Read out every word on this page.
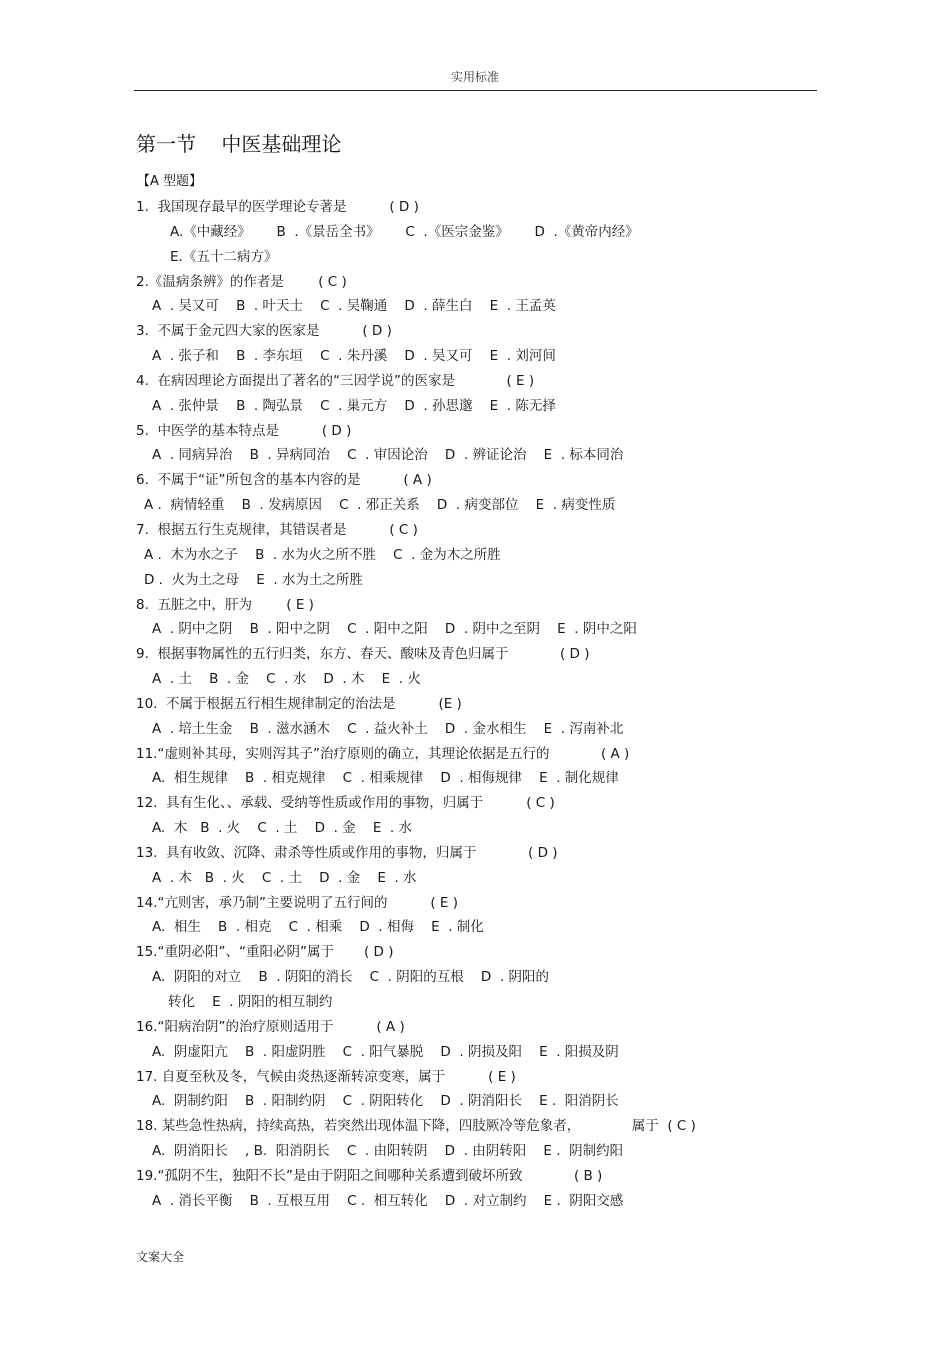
实用标准
第一节    中医基础理论
【A 型题】
1.  我国现存最早的医学理论专著是          ( D )
A.《中藏经》      B  .《景岳全书》      C  .《医宗金鉴》      D  .《黄帝内经》
E.《五十二病方》
2.《温病条辨》的作者是        ( C )
A  . 吴又可    B  . 叶天士    C  . 吴鞠通    D  . 薛生白    E  . 王孟英
3.  不属于金元四大家的医家是          ( D )
A  . 张子和    B  . 李东垣    C  . 朱丹溪    D  . 吴又可    E  . 刘河间
4.  在病因理论方面提出了著名的“三因学说”的医家是            ( E )
A  . 张仲景    B  . 陶弘景    C  . 巢元方    D  . 孙思邈    E  . 陈无择
5.  中医学的基本特点是          ( D )
A  . 同病异治    B  . 异病同治    C  . 审因论治    D  . 辨证论治    E  . 标本同治
6.  不属于“证”所包含的基本内容的是          ( A )
A .  病情轻重    B  . 发病原因    C  . 邪正关系    D  . 病变部位    E  . 病变性质
7.  根据五行生克规律，其错误者是          ( C )
A .  木为水之子    B  . 水为火之所不胜    C  . 金为木之所胜
D .  火为土之母    E  . 水为土之所胜
8.  五脏之中，肝为        ( E )
A  . 阴中之阴    B  . 阳中之阴    C  . 阳中之阳    D  . 阴中之至阴    E  . 阴中之阳
9.  根据事物属性的五行归类，东方、春天、酸味及青色归属于            ( D )
A  . 土    B  . 金    C  . 水    D  . 木    E  . 火
10.  不属于根据五行相生规律制定的治法是          (E )
A  . 培土生金    B  . 滋水涵木    C  . 益火补土    D  . 金水相生    E  . 泻南补北
11.“虚则补其母，实则泻其子”治疗原则的确立，其理论依据是五行的            ( A )
A.  相生规律    B  . 相克规律    C  . 相乘规律    D  . 相侮规律    E  . 制化规律
12.  具有生化、、承载、受纳等性质或作用的事物，归属于          ( C )
A.  木   B  . 火    C  . 土    D  . 金    E  . 水
13.  具有收敛、沉降、肃杀等性质或作用的事物，归属于            ( D )
A  . 木   B  . 火    C  . 土    D  . 金    E  . 水
14.“亢则害，承乃制”主要说明了五行间的          ( E )
A.  相生    B  . 相克    C  . 相乘    D  . 相侮    E  . 制化
15.“重阴必阳”、“重阳必阴”属于       ( D )
A.  阴阳的对立    B  . 阴阳的消长    C  . 阴阳的互根    D  . 阴阳的
转化    E  . 阴阳的相互制约
16.“阳病治阴”的治疗原则适用于          ( A )
A.  阴虚阳亢    B  . 阳虚阴胜    C  . 阳气暴脱    D  . 阴损及阳    E  . 阳损及阴
17. 自夏至秋及冬，气候由炎热逐渐转凉变寒，属于          ( E )
A.  阴制约阳    B  . 阳制约阴    C  . 阴阳转化    D  . 阴消阳长    E .  阳消阴长
18. 某些急性热病，持续高热，若突然出现体温下降，四肢厥冷等危象者，            属于  ( C )
A.  阴消阳长    , B.  阳消阴长    C  . 由阳转阴    D  . 由阴转阳    E .  阴制约阳
19.“孤阴不生，独阳不长”是由于阴阳之间哪种关系遭到破坏所致            ( B )
A  . 消长平衡    B  . 互根互用    C .  相互转化    D  . 对立制约    E .  阴阳交感
文案大全
